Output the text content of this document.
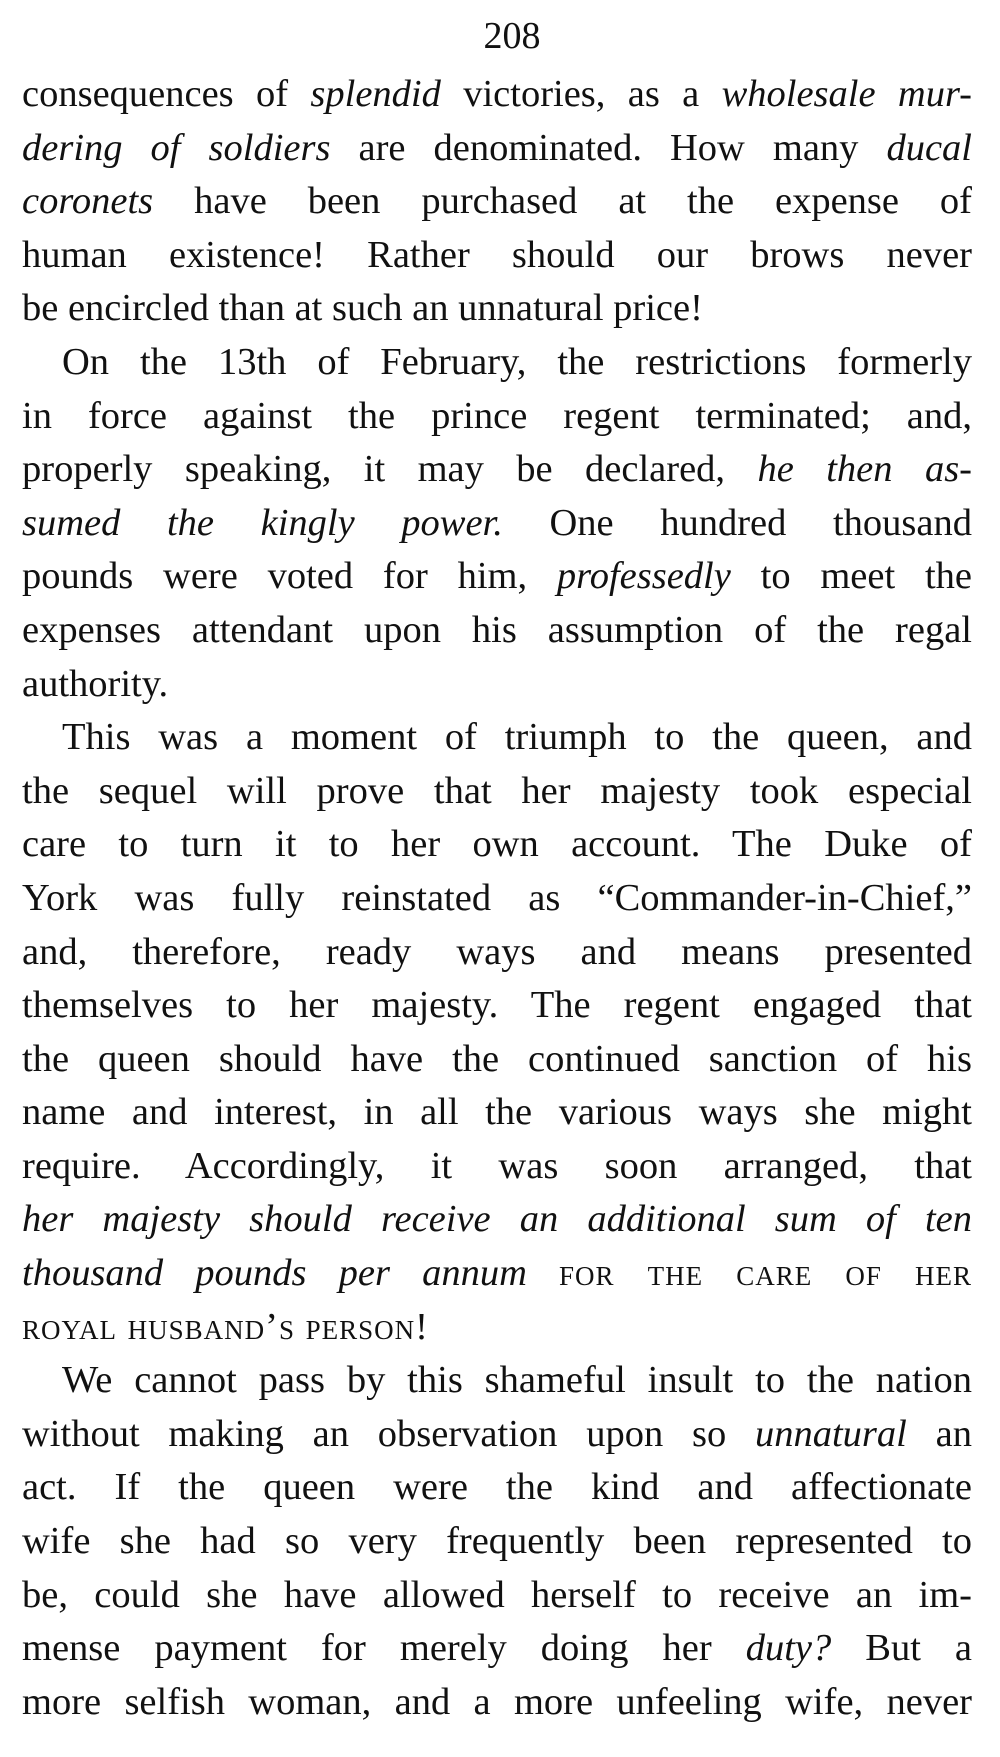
208
consequences of splendid victories, as a wholesale mur-
dering of soldiers are denominated. How many ducal
coronets have been purchased at the expense of
human existence! Rather should our brows never
be encircled than at such an unnatural price!
On the 13th of February, the restrictions formerly
in force against the prince regent terminated; and,
properly speaking, it may be declared, he then as-
sumed the kingly power. One hundred thousand
pounds were voted for him, professedly to meet the
expenses attendant upon his assumption of the regal
authority.
This was a moment of triumph to the queen, and
the sequel will prove that her majesty took especial
care to turn it to her own account. The Duke of
York was fully reinstated as “Commander-in-Chief,”
and, therefore, ready ways and means presented
themselves to her majesty. The regent engaged that
the queen should have the continued sanction of his
name and interest, in all the various ways she might
require. Accordingly, it was soon arranged, that
her majesty should receive an additional sum of ten
thousand pounds per annum for the care of her
royal husband’s person!
We cannot pass by this shameful insult to the nation
without making an observation upon so unnatural an
act. If the queen were the kind and affectionate
wife she had so very frequently been represented to
be, could she have allowed herself to receive an im-
mense payment for merely doing her duty? But a
more selfish woman, and a more unfeeling wife, never
